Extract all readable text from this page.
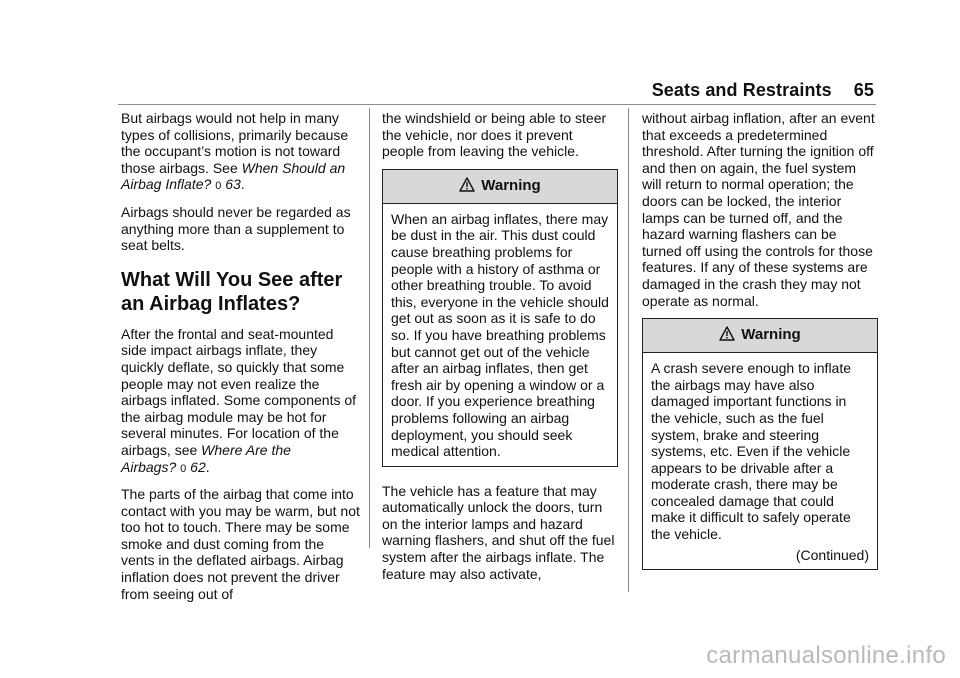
Seats and Restraints 65

But airbags would not help in many types of collisions, primarily because the occupant’s motion is not toward those airbags. See When Should an Airbag Inflate? 0 63.

Airbags should never be regarded as anything more than a supplement to seat belts.

What Will You See after an Airbag Inflates?

After the frontal and seat-mounted side impact airbags inflate, they quickly deflate, so quickly that some people may not even realize the airbags inflated. Some components of the airbag module may be hot for several minutes. For location of the airbags, see Where Are the Airbags? 0 62.

The parts of the airbag that come into contact with you may be warm, but not too hot to touch. There may be some smoke and dust coming from the vents in the deflated airbags. Airbag inflation does not prevent the driver from seeing out of

the windshield or being able to steer the vehicle, nor does it prevent people from leaving the vehicle.

Warning
When an airbag inflates, there may be dust in the air. This dust could cause breathing problems for people with a history of asthma or other breathing trouble. To avoid this, everyone in the vehicle should get out as soon as it is safe to do so. If you have breathing problems but cannot get out of the vehicle after an airbag inflates, then get fresh air by opening a window or a door. If you experience breathing problems following an airbag deployment, you should seek medical attention.

The vehicle has a feature that may automatically unlock the doors, turn on the interior lamps and hazard warning flashers, and shut off the fuel system after the airbags inflate. The feature may also activate,

without airbag inflation, after an event that exceeds a predetermined threshold. After turning the ignition off and then on again, the fuel system will return to normal operation; the doors can be locked, the interior lamps can be turned off, and the hazard warning flashers can be turned off using the controls for those features. If any of these systems are damaged in the crash they may not operate as normal.

Warning
A crash severe enough to inflate the airbags may have also damaged important functions in the vehicle, such as the fuel system, brake and steering systems, etc. Even if the vehicle appears to be drivable after a moderate crash, there may be concealed damage that could make it difficult to safely operate the vehicle.
(Continued)
carmanualsonline.info
